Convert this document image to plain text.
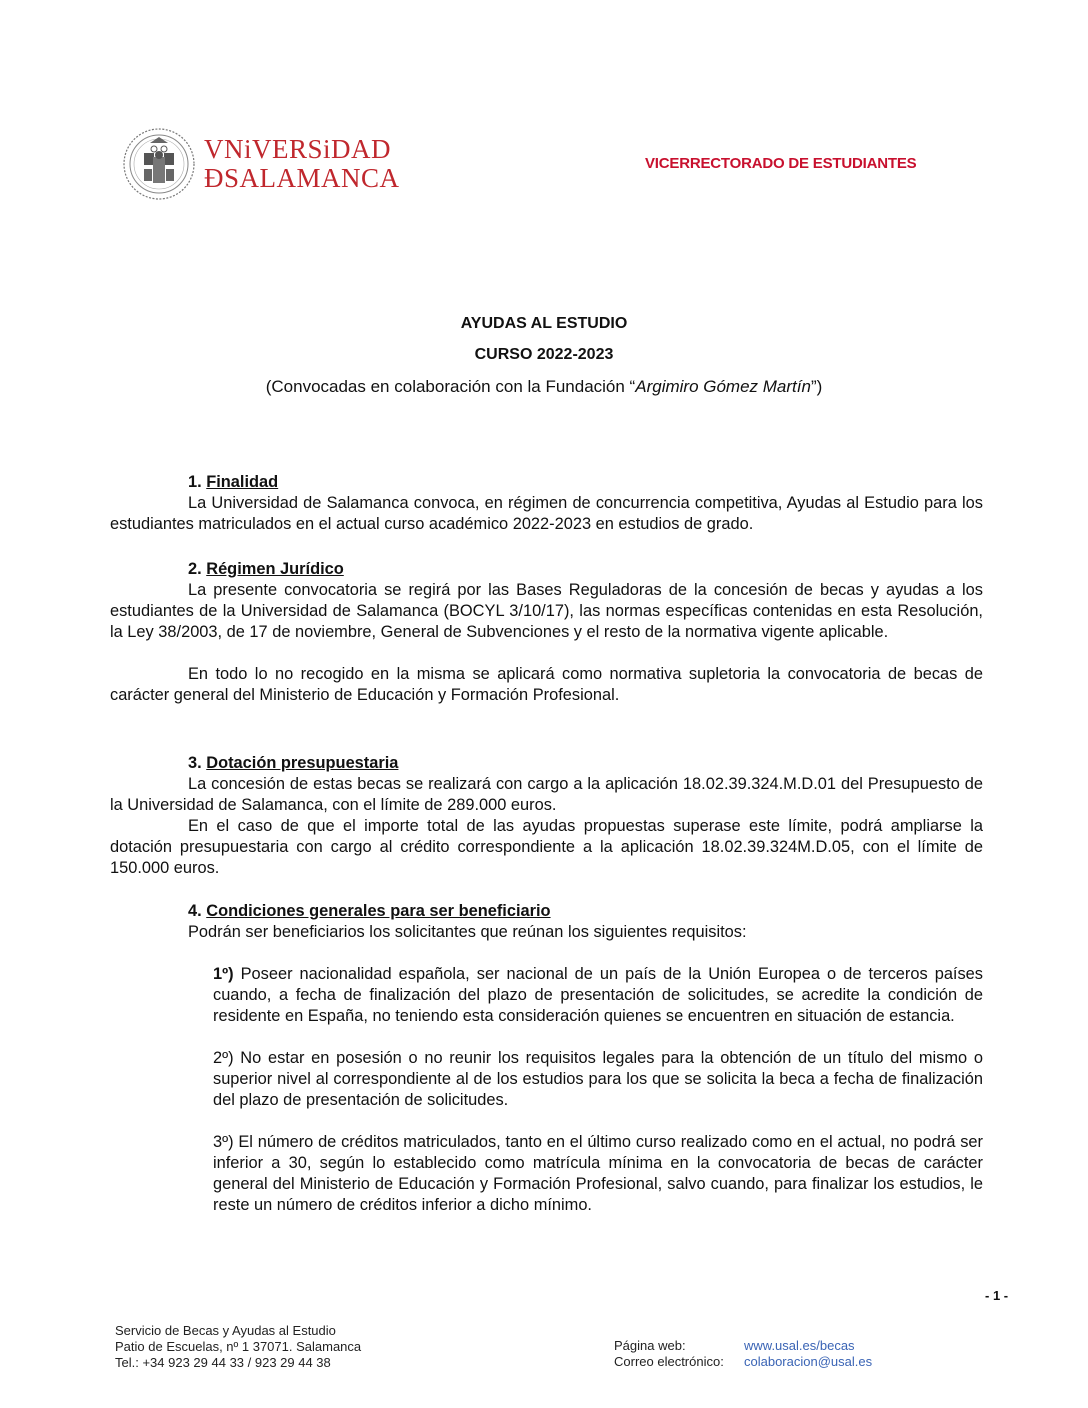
VNiVERSiDAD
ÐSALAMANCA	VICERRECTORADO DE ESTUDIANTES
AYUDAS AL ESTUDIO
CURSO 2022-2023
(Convocadas en colaboración con la Fundación “Argimiro Gómez Martín”)
1. Finalidad

La Universidad de Salamanca convoca, en régimen de concurrencia competitiva, Ayudas al Estudio para los estudiantes matriculados en el actual curso académico 2022-2023 en estudios de grado.

2. Régimen Jurídico

La presente convocatoria se regirá por las Bases Reguladoras de la concesión de becas y ayudas a los estudiantes de la Universidad de Salamanca (BOCYL 3/10/17), las normas específicas contenidas en esta Resolución, la Ley 38/2003, de 17 de noviembre, General de Subvenciones y el resto de la normativa vigente aplicable.

En todo lo no recogido en la misma se aplicará como normativa supletoria la convocatoria de becas de carácter general del Ministerio de Educación y Formación Profesional.

3. Dotación presupuestaria

La concesión de estas becas se realizará con cargo a la aplicación 18.02.39.324.M.D.01 del Presupuesto de la Universidad de Salamanca, con el límite de 289.000 euros.

En el caso de que el importe total de las ayudas propuestas superase este límite, podrá ampliarse la dotación presupuestaria con cargo al crédito correspondiente a la aplicación 18.02.39.324M.D.05, con el límite de 150.000 euros.

4. Condiciones generales para ser beneficiario

Podrán ser beneficiarios los solicitantes que reúnan los siguientes requisitos:

1º) Poseer nacionalidad española, ser nacional de un país de la Unión Europea o de terceros países cuando, a fecha de finalización del plazo de presentación de solicitudes, se acredite la condición de residente en España, no teniendo esta consideración quienes se encuentren en situación de estancia.

2º) No estar en posesión o no reunir los requisitos legales para la obtención de un título del mismo o superior nivel al correspondiente al de los estudios para los que se solicita la beca a fecha de finalización del plazo de presentación de solicitudes.

3º) El número de créditos matriculados, tanto en el último curso realizado como en el actual, no podrá ser inferior a 30, según lo establecido como matrícula mínima en la convocatoria de becas de carácter general del Ministerio de Educación y Formación Profesional, salvo cuando, para finalizar los estudios, le reste un número de créditos inferior a dicho mínimo.

- 1 -
Servicio de Becas y Ayudas al Estudio
Patio de Escuelas, nº 1 37071. Salamanca
Tel.: +34 923 29 44 33 / 923 29 44 38
Página web:	www.usal.es/becas
Correo electrónico:	colaboracion@usal.es
